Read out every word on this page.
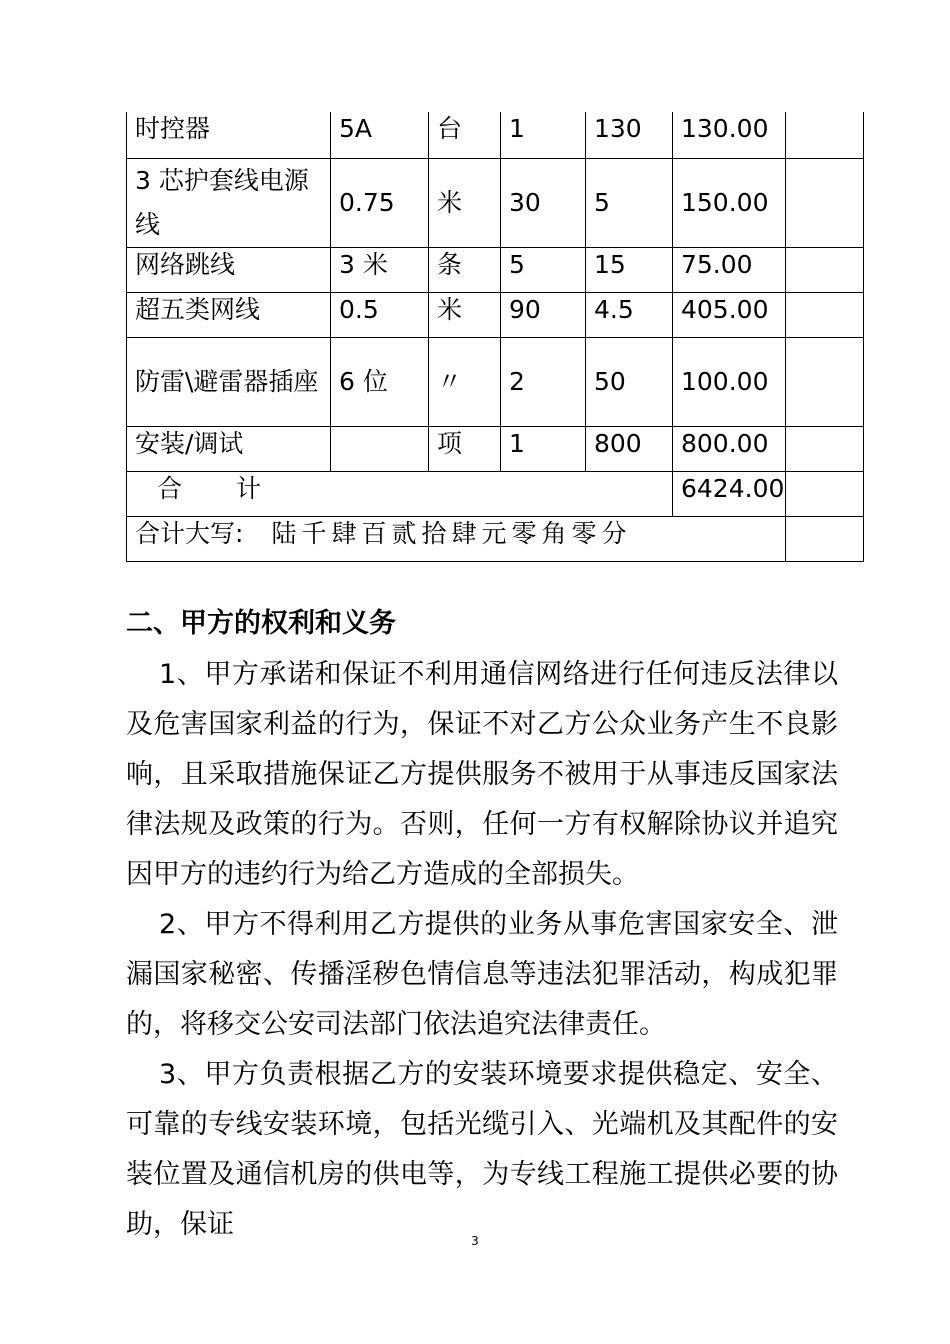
时控器	5A	台	1	130	130.00	
3 芯护套线电源线	0.75	米	30	5	150.00	
网络跳线	3 米	条	5	15	75.00	
超五类网线	0.5	米	90	4.5	405.00	
防雷\避雷器插座	6 位	〃	2	50	100.00	
安装/调试		项	1	800	800.00	
合 计					6424.00	
合计大写: 陆千肆百贰拾肆元零角零分						
二、甲方的权利和义务
1、甲方承诺和保证不利用通信网络进行任何违反法律以及危害国家利益的行为，保证不对乙方公众业务产生不良影响，且采取措施保证乙方提供服务不被用于从事违反国家法律法规及政策的行为。否则，任何一方有权解除协议并追究因甲方的违约行为给乙方造成的全部损失。
2、甲方不得利用乙方提供的业务从事危害国家安全、泄漏国家秘密、传播淫秽色情信息等违法犯罪活动，构成犯罪的，将移交公安司法部门依法追究法律责任。
3、甲方负责根据乙方的安装环境要求提供稳定、安全、可靠的专线安装环境，包括光缆引入、光端机及其配件的安装位置及通信机房的供电等，为专线工程施工提供必要的协助，保证
3
